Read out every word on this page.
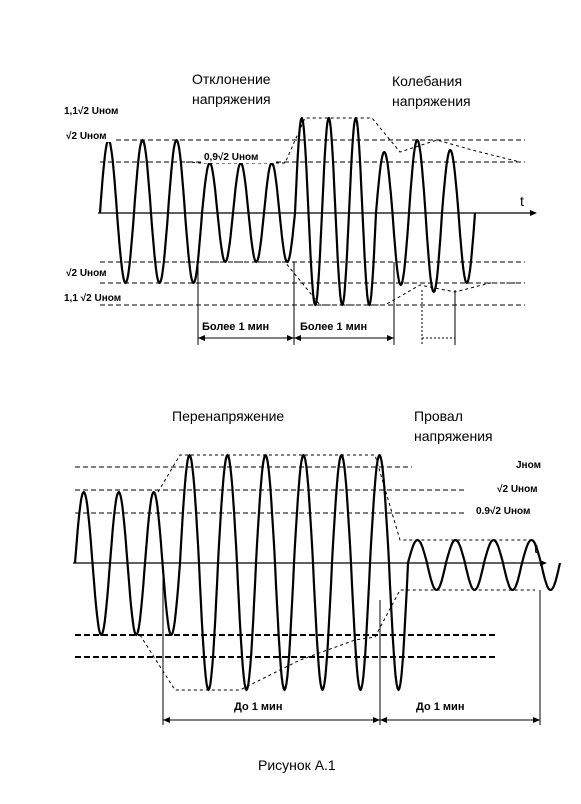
Отклонение
напряжения
Колебания
напряжения
t
1,1√2 Uном
√2 Uном
0,9√2 Uном
√2 Uном
1,1 √2 Uном
Более 1 мин	Более 1 мин
Перенапряжение	Провал
напряжения
t
Jном
√2 Uном
0.9√2 Uном
До 1 мин	До 1 мин
Рисунок А.1
